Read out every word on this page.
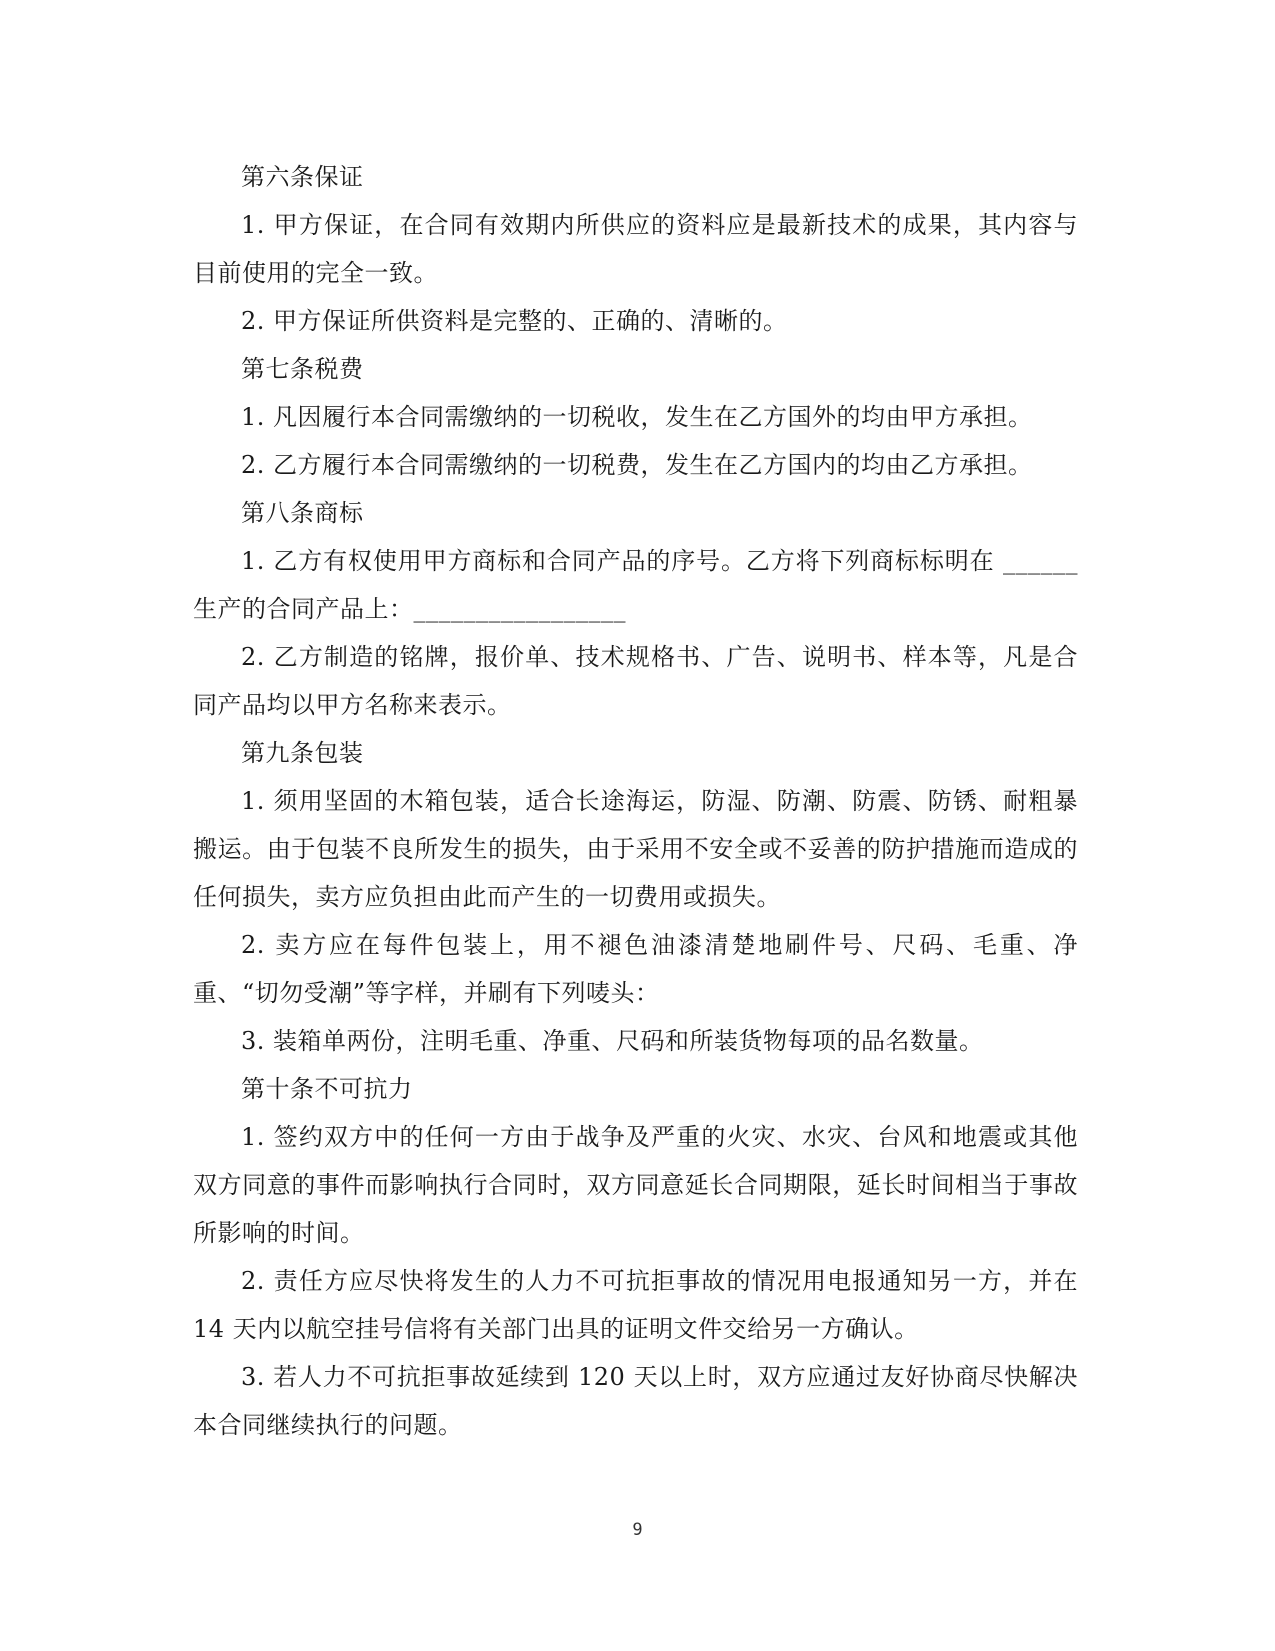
第六条保证

1. 甲方保证，在合同有效期内所供应的资料应是最新技术的成果，其内容与目前使用的完全一致。

2. 甲方保证所供资料是完整的、正确的、清晰的。

第七条税费

1. 凡因履行本合同需缴纳的一切税收，发生在乙方国外的均由甲方承担。

2. 乙方履行本合同需缴纳的一切税费，发生在乙方国内的均由乙方承担。

第八条商标

1. 乙方有权使用甲方商标和合同产品的序号。乙方将下列商标标明在 ______生产的合同产品上：_________________

2. 乙方制造的铭牌，报价单、技术规格书、广告、说明书、样本等，凡是合同产品均以甲方名称来表示。

第九条包装

1. 须用坚固的木箱包装，适合长途海运，防湿、防潮、防震、防锈、耐粗暴搬运。由于包装不良所发生的损失，由于采用不安全或不妥善的防护措施而造成的任何损失，卖方应负担由此而产生的一切费用或损失。

2. 卖方应在每件包装上，用不褪色油漆清楚地刷件号、尺码、毛重、净重、“切勿受潮”等字样，并刷有下列唛头：

3. 装箱单两份，注明毛重、净重、尺码和所装货物每项的品名数量。

第十条不可抗力

1. 签约双方中的任何一方由于战争及严重的火灾、水灾、台风和地震或其他双方同意的事件而影响执行合同时，双方同意延长合同期限，延长时间相当于事故所影响的时间。

2. 责任方应尽快将发生的人力不可抗拒事故的情况用电报通知另一方，并在 14 天内以航空挂号信将有关部门出具的证明文件交给另一方确认。

3. 若人力不可抗拒事故延续到 120 天以上时，双方应通过友好协商尽快解决本合同继续执行的问题。

9
